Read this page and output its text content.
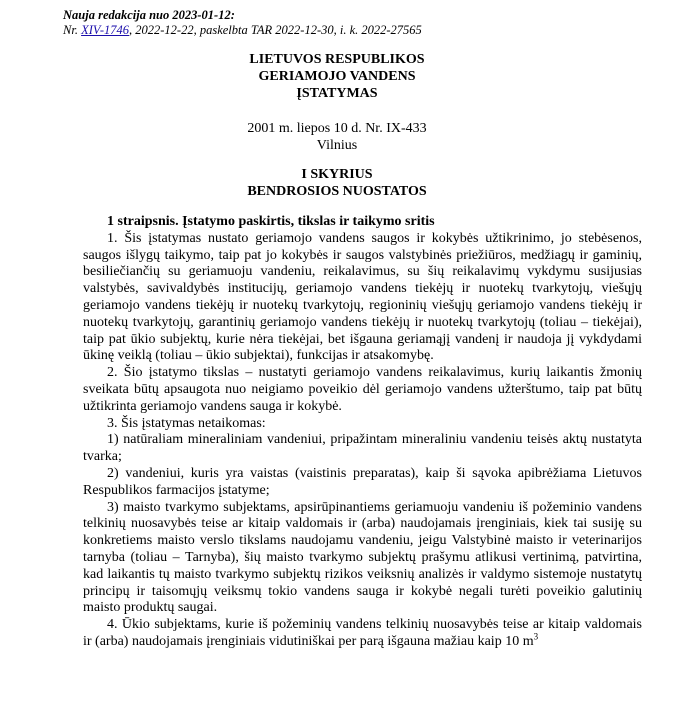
Nauja redakcija nuo 2023-01-12:
Nr. XIV-1746, 2022-12-22, paskelbta TAR 2022-12-30, i. k. 2022-27565
LIETUVOS RESPUBLIKOS
GERIAMOJO VANDENS
ĮSTATYMAS
2001 m. liepos 10 d. Nr. IX-433
Vilnius
I SKYRIUS
BENDROSIOS NUOSTATOS

1 straipsnis. Įstatymo paskirtis, tikslas ir taikymo sritis

1. Šis įstatymas nustato geriamojo vandens saugos ir kokybės užtikrinimo, jo stebėsenos, saugos išlygų taikymo, taip pat jo kokybės ir saugos valstybinės priežiūros, medžiagų ir gaminių, besiliečiančių su geriamuoju vandeniu, reikalavimus, su šių reikalavimų vykdymu susijusias valstybės, savivaldybės institucijų, geriamojo vandens tiekėjų ir nuotekų tvarkytojų, viešųjų geriamojo vandens tiekėjų ir nuotekų tvarkytojų, regioninių viešųjų geriamojo vandens tiekėjų ir nuotekų tvarkytojų, garantinių geriamojo vandens tiekėjų ir nuotekų tvarkytojų (toliau – tiekėjai), taip pat ūkio subjektų, kurie nėra tiekėjai, bet išgauna geriamąjį vandenį ir naudoja jį vykdydami ūkinę veiklą (toliau – ūkio subjektai), funkcijas ir atsakomybę.

2. Šio įstatymo tikslas – nustatyti geriamojo vandens reikalavimus, kurių laikantis žmonių sveikata būtų apsaugota nuo neigiamo poveikio dėl geriamojo vandens užterštumo, taip pat būtų užtikrinta geriamojo vandens sauga ir kokybė.

3. Šis įstatymas netaikomas:

1) natūraliam mineraliniam vandeniui, pripažintam mineraliniu vandeniu teisės aktų nustatyta tvarka;

2) vandeniui, kuris yra vaistas (vaistinis preparatas), kaip ši sąvoka apibrėžiama Lietuvos Respublikos farmacijos įstatyme;

3) maisto tvarkymo subjektams, apsirūpinantiems geriamuoju vandeniu iš požeminio vandens telkinių nuosavybės teise ar kitaip valdomais ir (arba) naudojamais įrenginiais, kiek tai susiję su konkretiems maisto verslo tikslams naudojamu vandeniu, jeigu Valstybinė maisto ir veterinarijos tarnyba (toliau – Tarnyba), šių maisto tvarkymo subjektų prašymu atlikusi vertinimą, patvirtina, kad laikantis tų maisto tvarkymo subjektų rizikos veiksnių analizės ir valdymo sistemoje nustatytų principų ir taisomųjų veiksmų tokio vandens sauga ir kokybė negali turėti poveikio galutinių maisto produktų saugai.

4. Ūkio subjektams, kurie iš požeminių vandens telkinių nuosavybės teise ar kitaip valdomais ir (arba) naudojamais įrenginiais vidutiniškai per parą išgauna mažiau kaip 10 $m^3$
